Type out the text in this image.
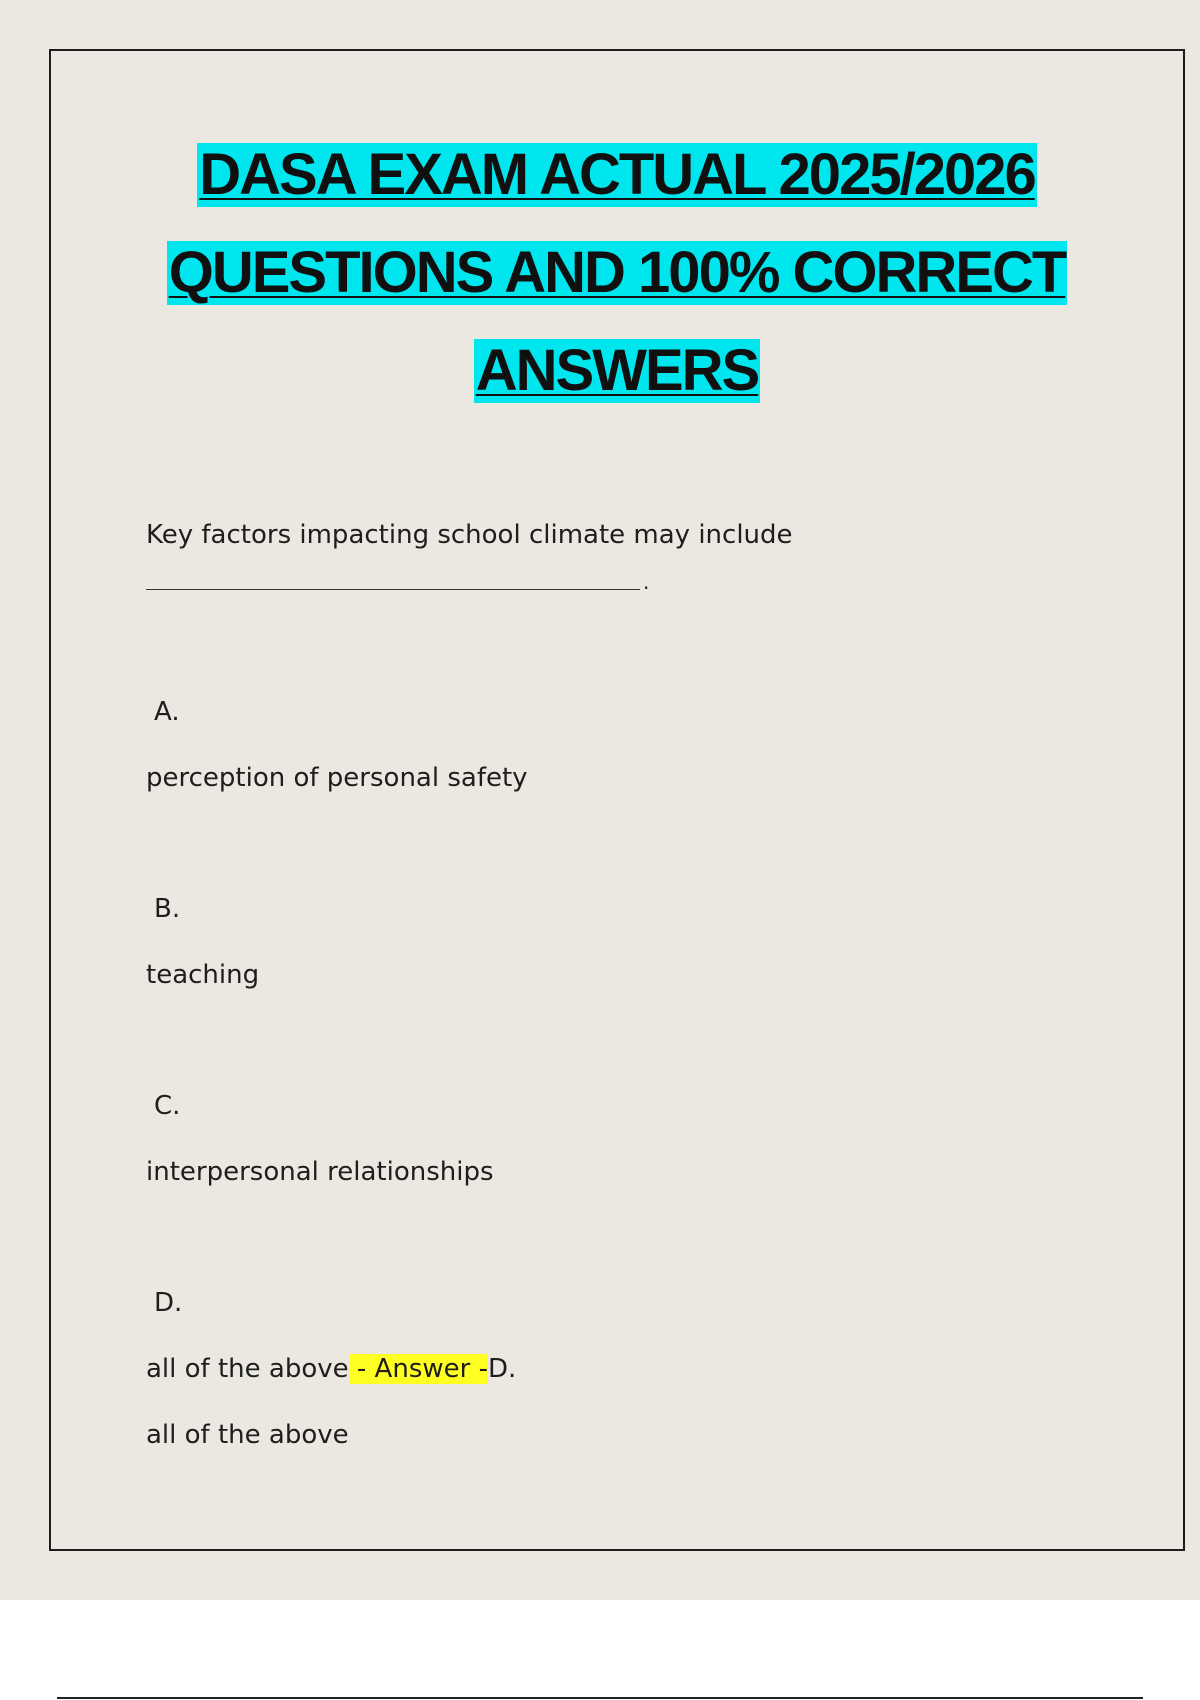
DASA EXAM ACTUAL 2025/2026
QUESTIONS AND 100% CORRECT
ANSWERS
Key factors impacting school climate may include
.
A.
perception of personal safety
B.
teaching
C.
interpersonal relationships
D.
all of the above - Answer -D.
all of the above
